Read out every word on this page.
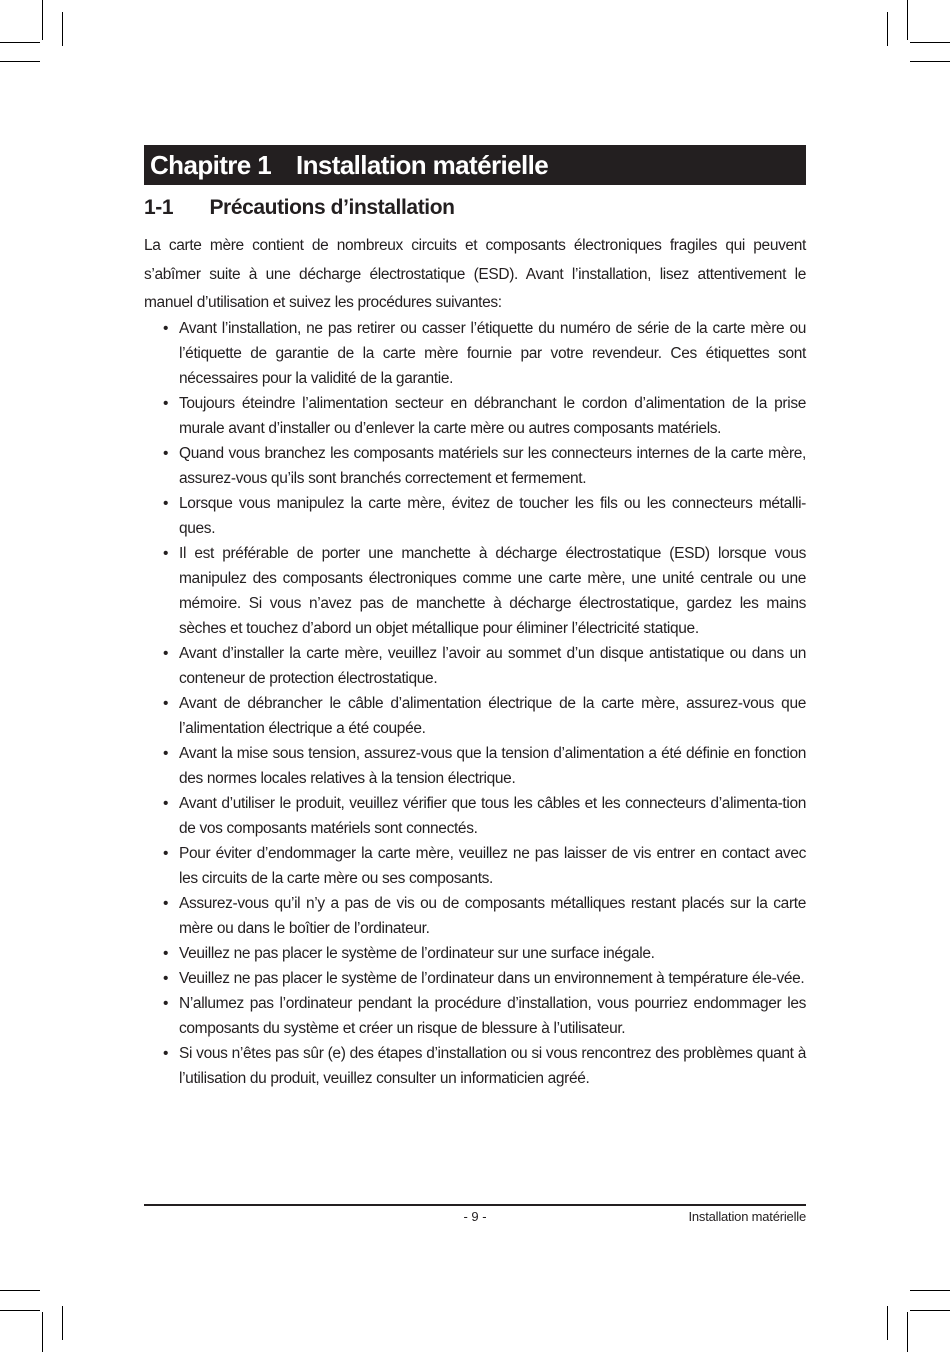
Chapitre 1 Installation matérielle
1-1 Précautions d’installation

La carte mère contient de nombreux circuits et composants électroniques fragiles qui peuvent s’abîmer suite à une décharge électrostatique (ESD). Avant l’installation, lisez attentivement le manuel d’utilisation et suivez les procédures suivantes:

• Avant l’installation, ne pas retirer ou casser l’étiquette du numéro de série de la carte mère ou l’étiquette de garantie de la carte mère fournie par votre revendeur. Ces étiquettes sont nécessaires pour la validité de la garantie.
• Toujours éteindre l’alimentation secteur en débranchant le cordon d’alimentation de la prise murale avant d’installer ou d’enlever la carte mère ou autres composants matériels.
• Quand vous branchez les composants matériels sur les connecteurs internes de la carte mère, assurez-vous qu’ils sont branchés correctement et fermement.
• Lorsque vous manipulez la carte mère, évitez de toucher les fils ou les connecteurs métalli-ques.
• Il est préférable de porter une manchette à décharge électrostatique (ESD) lorsque vous manipulez des composants électroniques comme une carte mère, une unité centrale ou une mémoire. Si vous n’avez pas de manchette à décharge électrostatique, gardez les mains sèches et touchez d’abord un objet métallique pour éliminer l’électricité statique.
• Avant d’installer la carte mère, veuillez l’avoir au sommet d’un disque antistatique ou dans un conteneur de protection électrostatique.
• Avant de débrancher le câble d’alimentation électrique de la carte mère, assurez-vous que l’alimentation électrique a été coupée.
• Avant la mise sous tension, assurez-vous que la tension d’alimentation a été définie en fonction des normes locales relatives à la tension électrique.
• Avant d’utiliser le produit, veuillez vérifier que tous les câbles et les connecteurs d’alimenta-tion de vos composants matériels sont connectés.
• Pour éviter d’endommager la carte mère, veuillez ne pas laisser de vis entrer en contact avec les circuits de la carte mère ou ses composants.
• Assurez-vous qu’il n’y a pas de vis ou de composants métalliques restant placés sur la carte mère ou dans le boîtier de l’ordinateur.
• Veuillez ne pas placer le système de l’ordinateur sur une surface inégale.
• Veuillez ne pas placer le système de l’ordinateur dans un environnement à température éle-vée.
• N’allumez pas l’ordinateur pendant la procédure d’installation, vous pourriez endommager les composants du système et créer un risque de blessure à l’utilisateur.
• Si vous n’êtes pas sûr (e) des étapes d’installation ou si vous rencontrez des problèmes quant à l’utilisation du produit, veuillez consulter un informaticien agréé.
- 9 -	Installation matérielle
